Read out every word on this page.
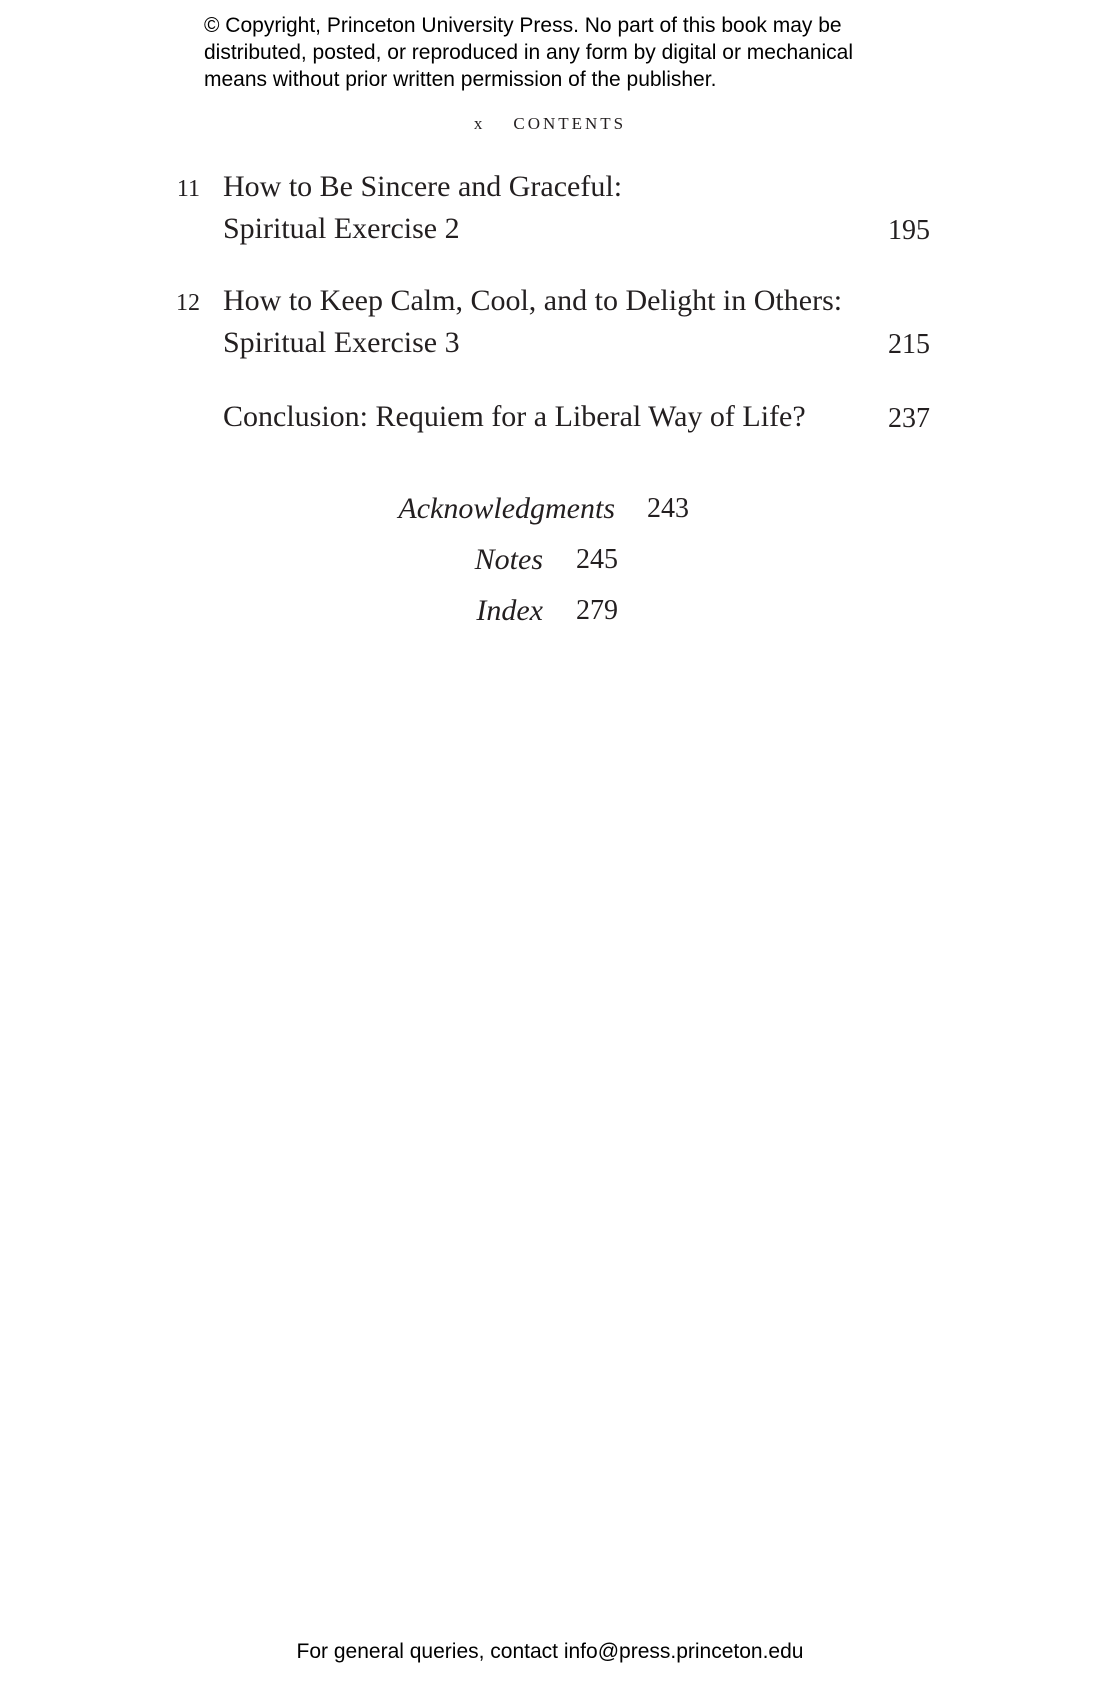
© Copyright, Princeton University Press. No part of this book may be
distributed, posted, or reproduced in any form by digital or mechanical
means without prior written permission of the publisher.
x CONTENTS
11 How to Be Sincere and Graceful:
Spiritual Exercise 2	195
12 How to Keep Calm, Cool, and to Delight in Others:
Spiritual Exercise 3	215
Conclusion: Requiem for a Liberal Way of Life?	237
Acknowledgments 243
Notes 245
Index 279
For general queries, contact info@press.princeton.edu
